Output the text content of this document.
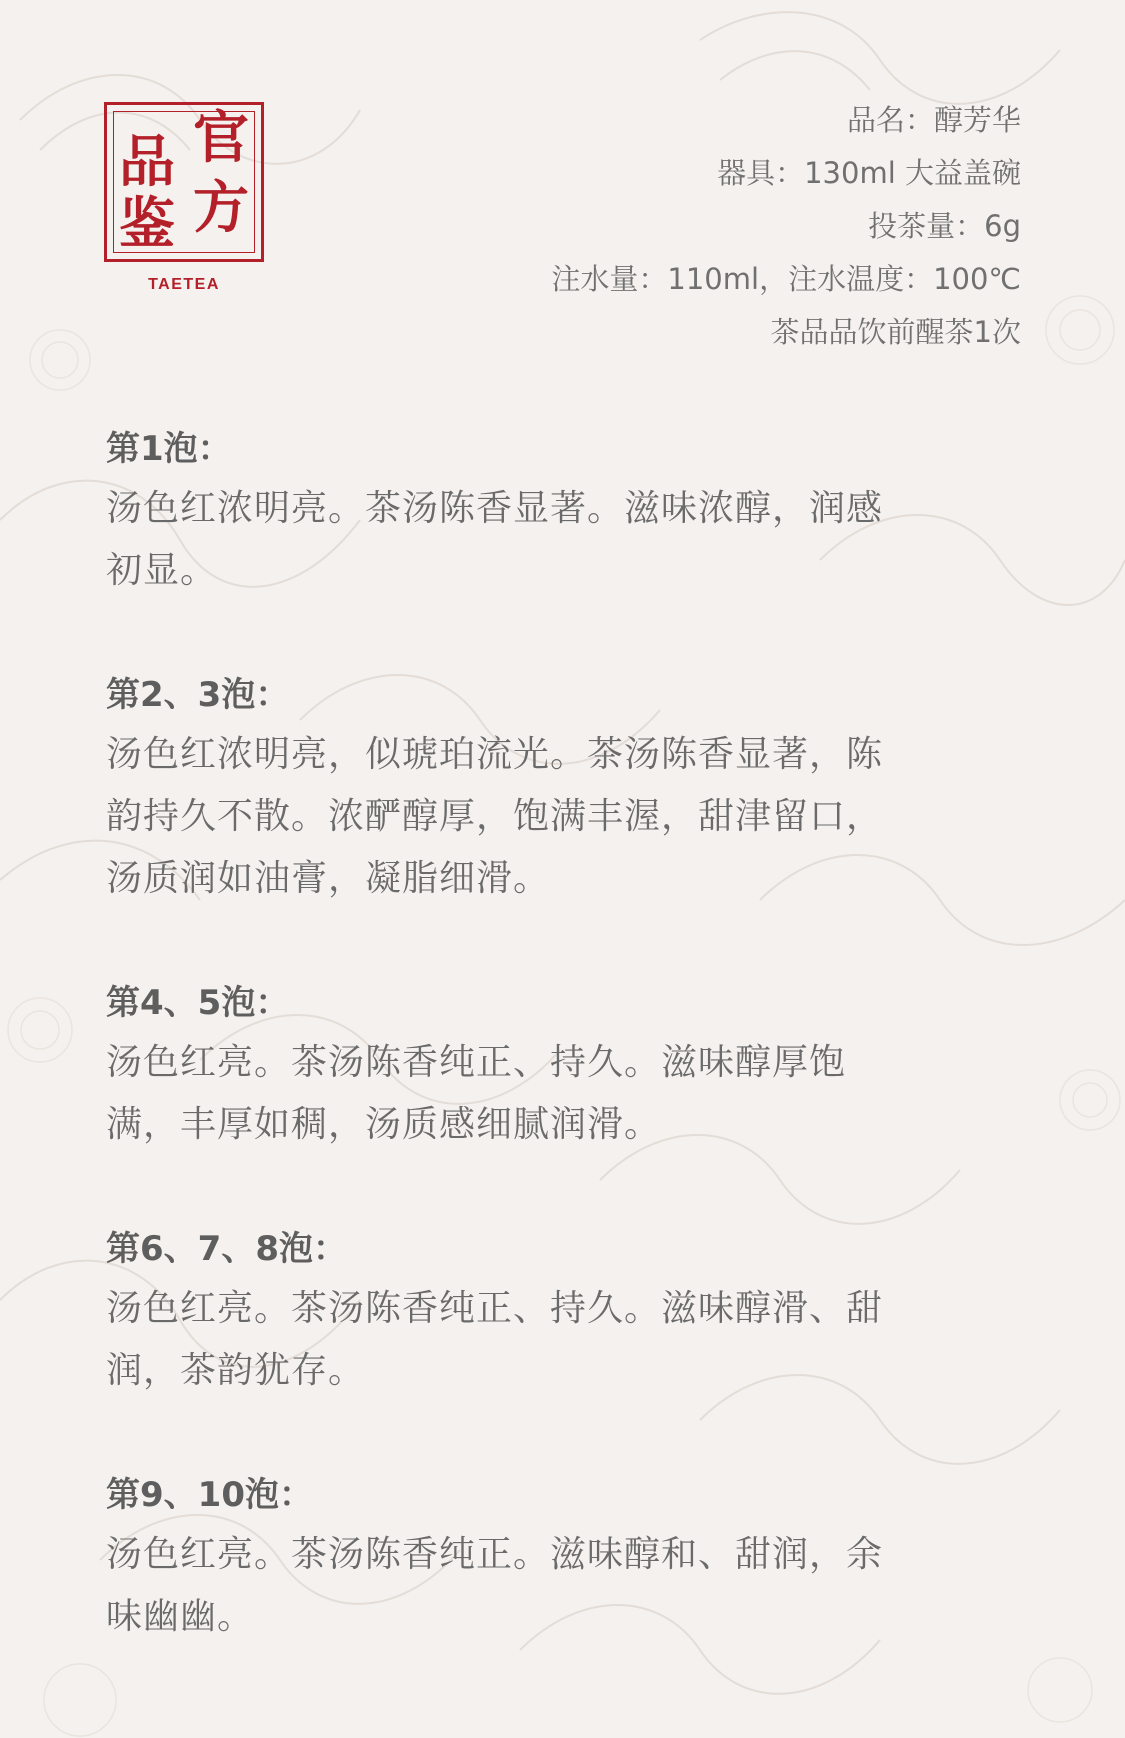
品 官
鉴 方
TAETEA
品名：醇芳华
器具：130ml 大益盖碗
投茶量：6g
注水量：110ml，注水温度：100℃
茶品品饮前醒茶1次
第1泡：
汤色红浓明亮。茶汤陈香显著。滋味浓醇，润感
初显。
第2、3泡：
汤色红浓明亮，似琥珀流光。茶汤陈香显著，陈
韵持久不散。浓酽醇厚，饱满丰渥，甜津留口，
汤质润如油膏，凝脂细滑。
第4、5泡：
汤色红亮。茶汤陈香纯正、持久。滋味醇厚饱
满，丰厚如稠，汤质感细腻润滑。
第6、7、8泡：
汤色红亮。茶汤陈香纯正、持久。滋味醇滑、甜
润，茶韵犹存。
第9、10泡：
汤色红亮。茶汤陈香纯正。滋味醇和、甜润，余
味幽幽。
